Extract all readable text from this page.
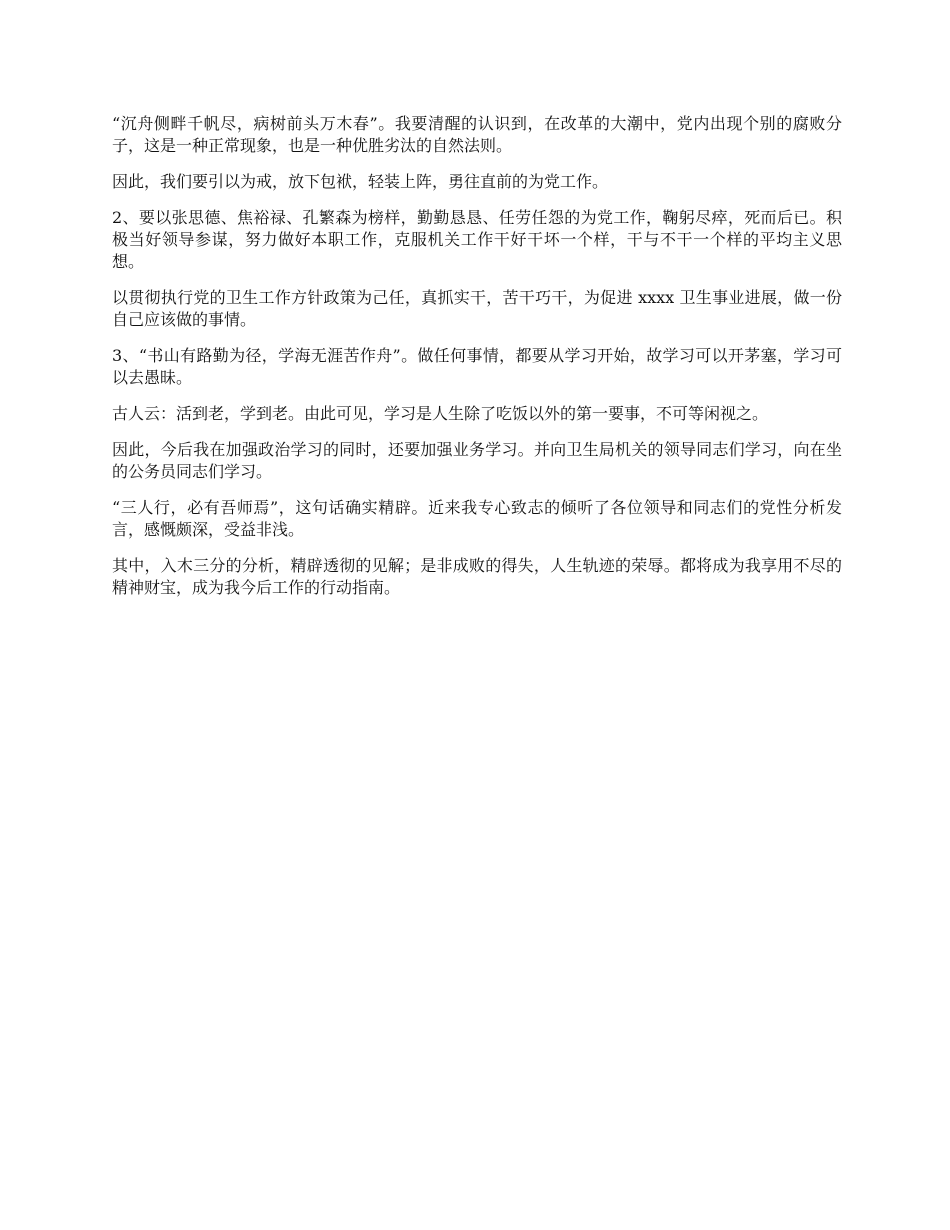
“沉舟侧畔千帆尽，病树前头万木春”。我要清醒的认识到，在改革的大潮中，党内出现个别的腐败分子，这是一种正常现象，也是一种优胜劣汰的自然法则。

因此，我们要引以为戒，放下包袱，轻装上阵，勇往直前的为党工作。

2、要以张思德、焦裕禄、孔繁森为榜样，勤勤恳恳、任劳任怨的为党工作，鞠躬尽瘁，死而后已。积极当好领导参谋，努力做好本职工作，克服机关工作干好干坏一个样，干与不干一个样的平均主义思想。

以贯彻执行党的卫生工作方针政策为己任，真抓实干，苦干巧干，为促进 xxxx 卫生事业进展，做一份自己应该做的事情。

3、“书山有路勤为径，学海无涯苦作舟”。做任何事情，都要从学习开始，故学习可以开茅塞，学习可以去愚昧。

古人云：活到老，学到老。由此可见，学习是人生除了吃饭以外的第一要事，不可等闲视之。

因此，今后我在加强政治学习的同时，还要加强业务学习。并向卫生局机关的领导同志们学习，向在坐的公务员同志们学习。

“三人行，必有吾师焉”，这句话确实精辟。近来我专心致志的倾听了各位领导和同志们的党性分析发言，感慨颇深，受益非浅。

其中，入木三分的分析，精辟透彻的见解；是非成败的得失，人生轨迹的荣辱。都将成为我享用不尽的精神财宝，成为我今后工作的行动指南。
